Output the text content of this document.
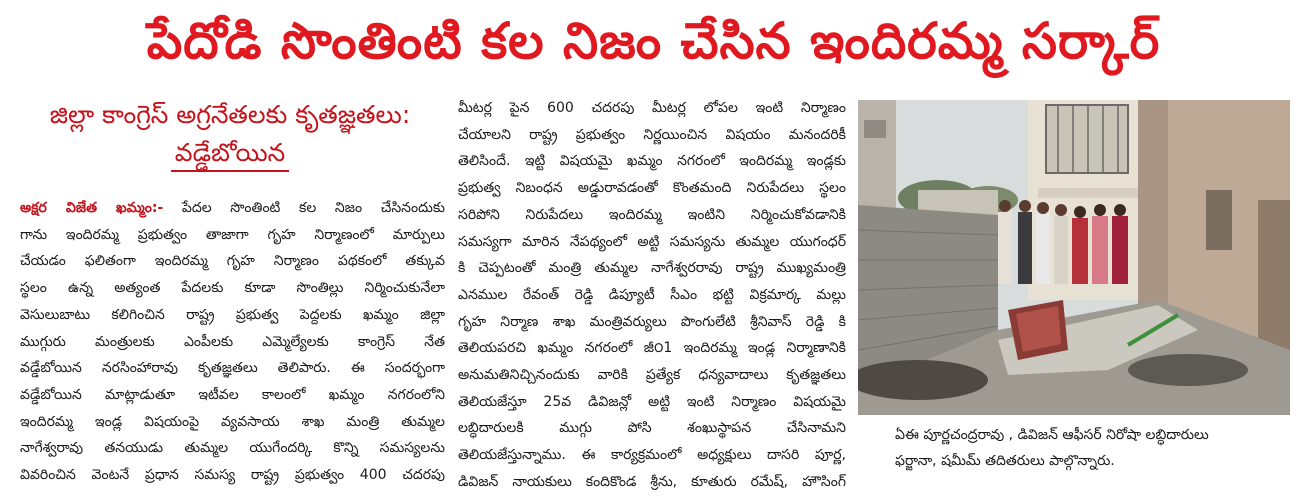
పేదోడి సొంతింటి కల నిజం చేసిన ఇందిరమ్మ సర్కార్
జిల్లా కాంగ్రెస్ అగ్రనేతలకు కృతజ్ఞతలు:
వడ్డేబోయిన
అక్షర విజేత ఖమ్మం:- పేదల సొంతింటి కల నిజం చేసినందుకు
గాను ఇందిరమ్మ ప్రభుత్వం తాజాగా గృహ నిర్మాణంలో మార్పులు
చేయడం ఫలితంగా ఇందిరమ్మ గృహ నిర్మాణం పథకంలో తక్కువ
స్థలం ఉన్న అత్యంత పేదలకు కూడా సొంతిల్లు నిర్మించుకునేలా
వెసులుబాటు కలిగించిన రాష్ట్ర ప్రభుత్వ పెద్దలకు ఖమ్మం జిల్లా
ముగ్గురు మంత్రులకు ఎంపీలకు ఎమ్మెల్యేలకు కాంగ్రెస్ నేత
వడ్డేబోయిన నరసింహారావు కృతజ్ఞతలు తెలిపారు. ఈ సందర్భంగా
వడ్డేబోయిన మాట్లాడుతూ ఇటీవల కాలంలో ఖమ్మం నగరంలోని
ఇందిరమ్మ ఇండ్ల విషయంపై వ్యవసాయ శాఖ మంత్రి తుమ్మల
నాగేశ్వరావు తనయుడు తుమ్మల యుగేందర్కి కొన్ని సమస్యలను
వివరించిన వెంటనే ప్రధాన సమస్య రాష్ట్ర ప్రభుత్వం 400 చదరపు
మీటర్ల పైన 600 చదరపు మీటర్ల లోపల ఇంటి నిర్మాణం
చేయాలని రాష్ట్ర ప్రభుత్వం నిర్ణయించిన విషయం మనందరికీ
తెలిసిందే. ఇట్టి విషయమై ఖమ్మం నగరంలో ఇందిరమ్మ ఇండ్లకు
ప్రభుత్వ నిబంధన అడ్డురావడంతో కొంతమంది నిరుపేదలు స్థలం
సరిపోని నిరుపేదలు ఇందిరమ్మ ఇంటిని నిర్మించుకోవడానికి
సమస్యగా మారిన నేపథ్యంలో అట్టి సమస్యను తుమ్మల యుగంధర్
కి చెప్పటంతో మంత్రి తుమ్మల నాగేశ్వరరావు రాష్ట్ర ముఖ్యమంత్రి
ఎనముల రేవంత్ రెడ్డి డిప్యూటీ సీఎం భట్టి విక్రమార్క మల్లు
గృహ నిర్మాణ శాఖ మంత్రివర్యులు పొంగులేటి శ్రీనివాస్ రెడ్డి కి
తెలియపరచి ఖమ్మం నగరంలో జీ౦1 ఇందిరమ్మ ఇండ్ల నిర్మాణానికి
అనుమతినిచ్చినందుకు వారికి ప్రత్యేక ధన్యవాదాలు కృతజ్ఞతలు
తెలియజేస్తూ 25వ డివిజన్లో అట్టి ఇంటి నిర్మాణం విషయమై
లబ్ధిదారులకి ముగ్గు పోసి శంఖుస్థాపన చేసినామని
తెలియజేస్తున్నాము. ఈ కార్యక్రమంలో అధ్యక్షులు దాసరి పూర్ణ,
డివిజన్ నాయకులు కందికొండ శ్రీను, కూతురు రమేష్, హౌసింగ్
ఏఈ పూర్ణచంద్రరావు , డివిజన్ ఆఫీసర్ నిరోషా లబ్ధిదారులు
ఫర్జానా, షమీమ్ తదితరులు పాల్గొన్నారు.
